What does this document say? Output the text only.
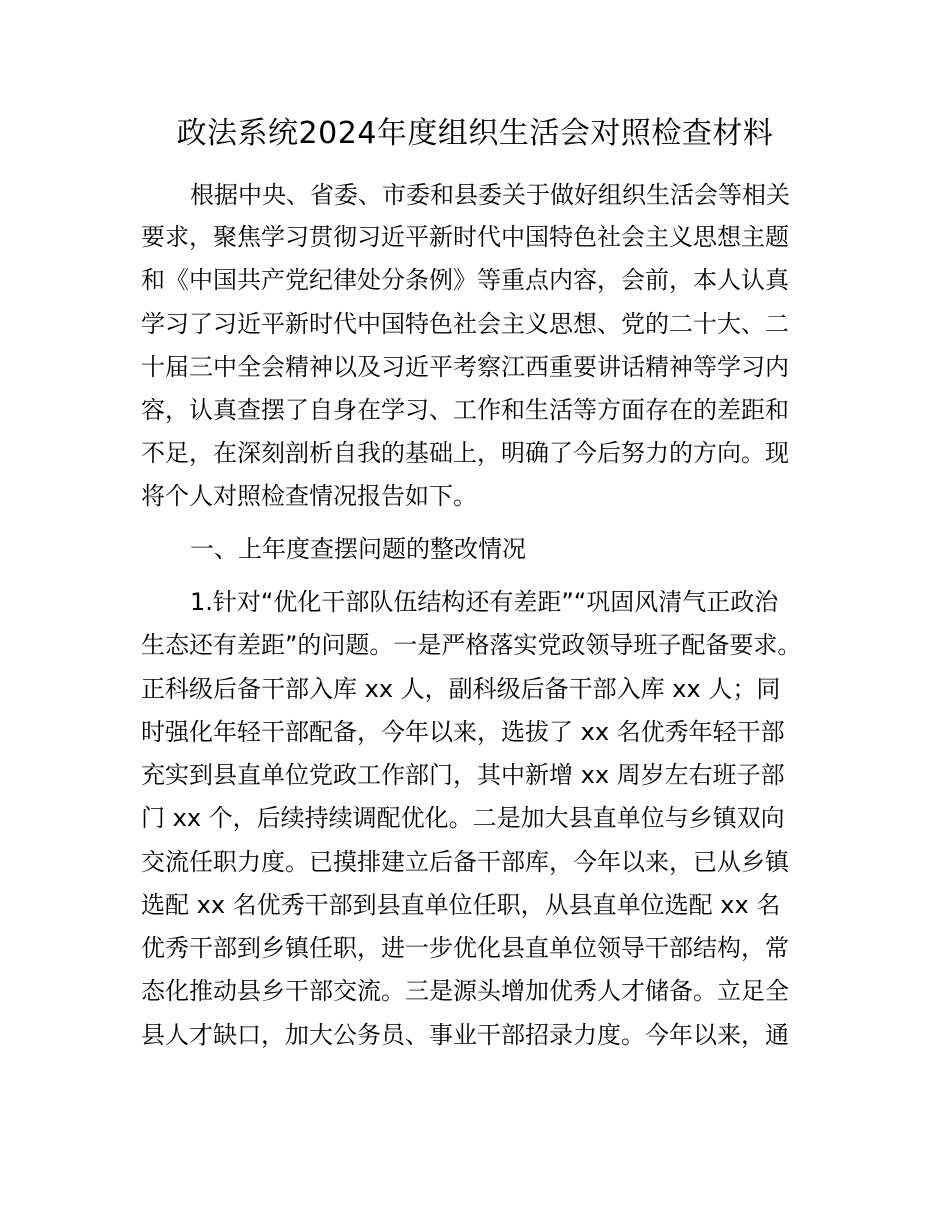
政法系统2024年度组织生活会对照检查材料
根据中央、省委、市委和县委关于做好组织生活会等相关
要求，聚焦学习贯彻习近平新时代中国特色社会主义思想主题
和《中国共产党纪律处分条例》等重点内容，会前，本人认真
学习了习近平新时代中国特色社会主义思想、党的二十大、二
十届三中全会精神以及习近平考察江西重要讲话精神等学习内
容，认真查摆了自身在学习、工作和生活等方面存在的差距和
不足，在深刻剖析自我的基础上，明确了今后努力的方向。现
将个人对照检查情况报告如下。
一、上年度查摆问题的整改情况
1.针对“优化干部队伍结构还有差距”“巩固风清气正政治
生态还有差距”的问题。一是严格落实党政领导班子配备要求。
正科级后备干部入库 xx 人，副科级后备干部入库 xx 人；同
时强化年轻干部配备，今年以来，选拔了 xx 名优秀年轻干部
充实到县直单位党政工作部门，其中新增 xx 周岁左右班子部
门 xx 个，后续持续调配优化。二是加大县直单位与乡镇双向
交流任职力度。已摸排建立后备干部库，今年以来，已从乡镇
选配 xx 名优秀干部到县直单位任职，从县直单位选配 xx 名
优秀干部到乡镇任职，进一步优化县直单位领导干部结构，常
态化推动县乡干部交流。三是源头增加优秀人才储备。立足全
县人才缺口，加大公务员、事业干部招录力度。今年以来，通
